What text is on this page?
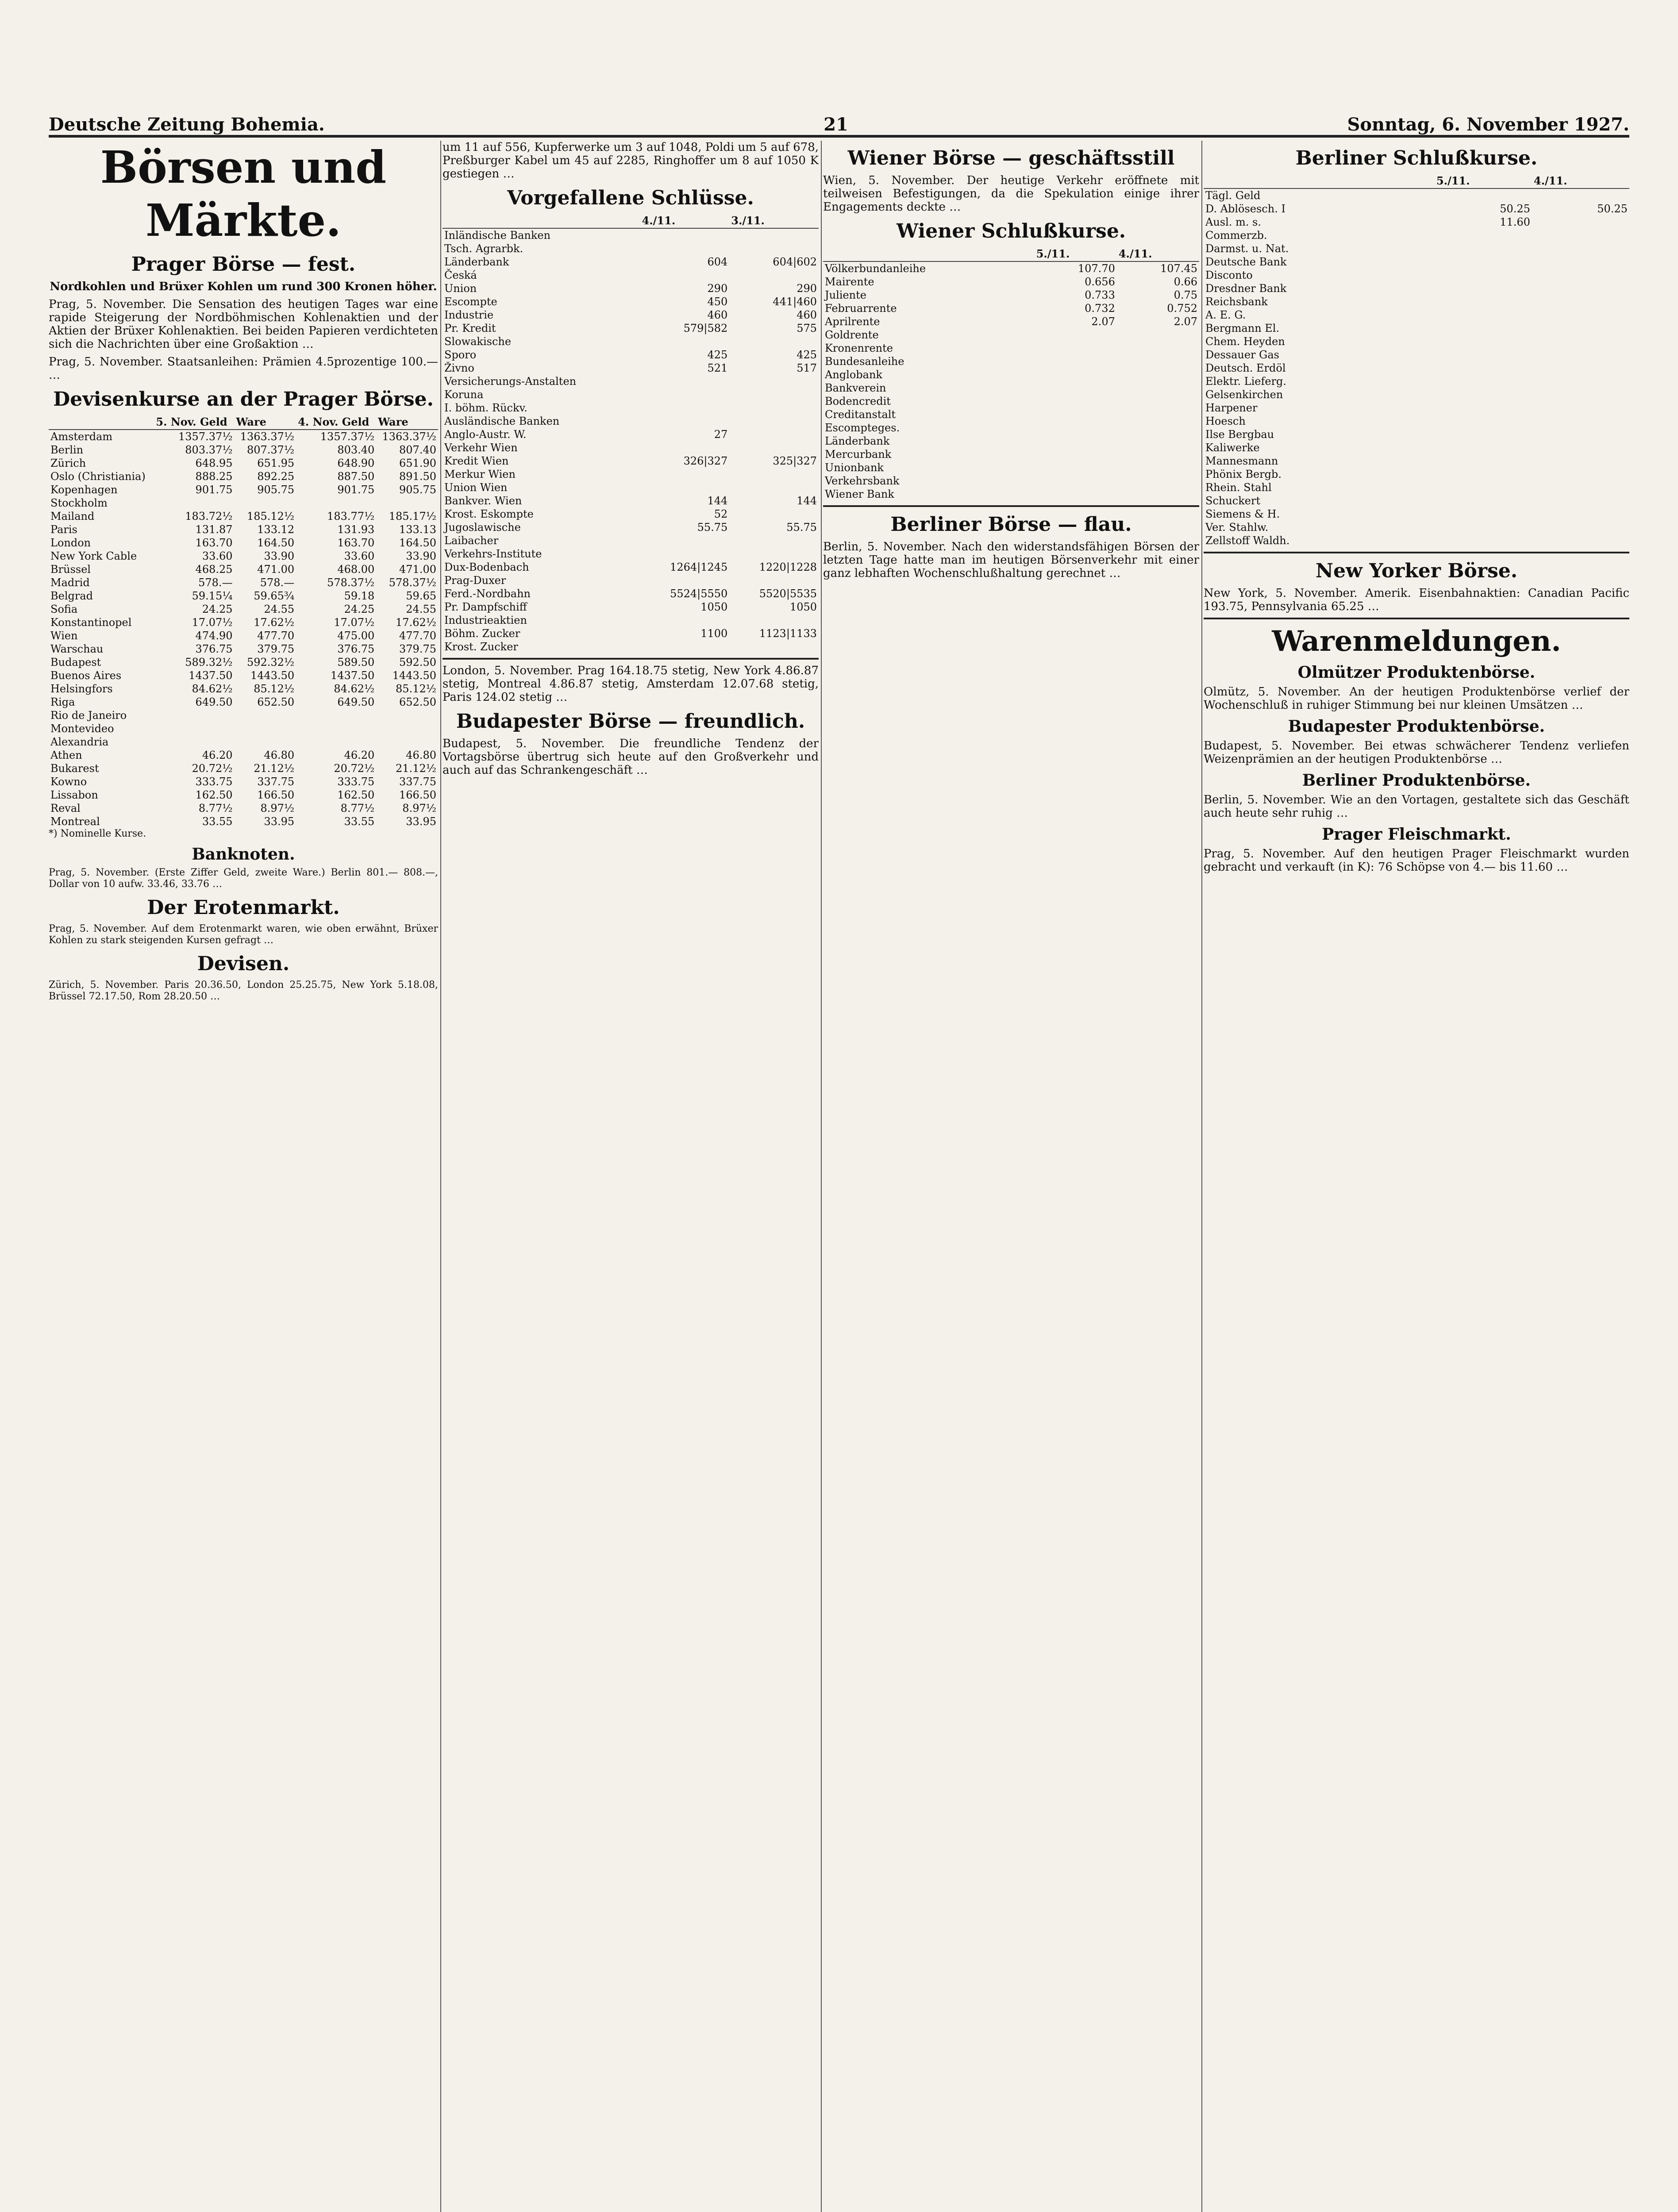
Deutsche Zeitung Bohemia.	21	Sonntag, 6. November 1927.
Börsen und Märkte.
Prager Börse — fest.

Nordkohlen und Brüxer Kohlen um rund 300 Kronen höher.

Prag, 5. November. Die Sensation des heutigen Tages war eine rapide Steigerung der Nordböhmischen Kohlenaktien und der Aktien der Brüxer Kohlenaktien. Bei beiden Papieren verdichteten sich die Nachrichten über eine Großaktion …

Prag, 5. November. Staatsanleihen: Prämien 4.5prozentige 100.— …

Devisenkurse an der Prager Börse.
	5. Nov. Geld	Ware	4. Nov. Geld	Ware
Amsterdam	1357.37½	1363.37½	1357.37½	1363.37½
Berlin	803.37½	807.37½	803.40	807.40
Zürich	648.95	651.95	648.90	651.90
Oslo (Christiania)	888.25	892.25	887.50	891.50
Kopenhagen	901.75	905.75	901.75	905.75
Stockholm				
Mailand	183.72½	185.12½	183.77½	185.17½
Paris	131.87	133.12	131.93	133.13
London	163.70	164.50	163.70	164.50
New York Cable	33.60	33.90	33.60	33.90
Brüssel	468.25	471.00	468.00	471.00
Madrid	578.—	578.—	578.37½	578.37½
Belgrad	59.15¼	59.65¾	59.18	59.65
Sofia	24.25	24.55	24.25	24.55
Konstantinopel	17.07½	17.62½	17.07½	17.62½
Wien	474.90	477.70	475.00	477.70
Warschau	376.75	379.75	376.75	379.75
Budapest	589.32½	592.32½	589.50	592.50
Buenos Aires	1437.50	1443.50	1437.50	1443.50
Helsingfors	84.62½	85.12½	84.62½	85.12½
Riga	649.50	652.50	649.50	652.50
Rio de Janeiro				
Montevideo				
Alexandria				
Athen	46.20	46.80	46.20	46.80
Bukarest	20.72½	21.12½	20.72½	21.12½
Kowno	333.75	337.75	333.75	337.75
Lissabon	162.50	166.50	162.50	166.50
Reval	8.77½	8.97½	8.77½	8.97½
Montreal	33.55	33.95	33.55	33.95

*) Nominelle Kurse.

Banknoten.

Prag, 5. November. (Erste Ziffer Geld, zweite Ware.) Berlin 801.— 808.—, Dollar von 10 aufw. 33.46, 33.76 …

Der Erotenmarkt.

Prag, 5. November. Auf dem Erotenmarkt waren, wie oben erwähnt, Brüxer Kohlen zu stark steigenden Kursen gefragt …

Devisen.

Zürich, 5. November. Paris 20.36.50, London 25.25.75, New York 5.18.08, Brüssel 72.17.50, Rom 28.20.50 …

um 11 auf 556, Kupferwerke um 3 auf 1048, Poldi um 5 auf 678, Preßburger Kabel um 45 auf 2285, Ringhoffer um 8 auf 1050 K gestiegen …

Vorgefallene Schlüsse.
	4./11.	3./11.
Inländische Banken		
Tsch. Agrarbk.		
Länderbank	604	604|602
Česká		
Union	290	290
Escompte	450	441|460
Industrie	460	460
Pr. Kredit	579|582	575
Slowakische		
Sporo	425	425
Živno	521	517
Versicherungs-Anstalten		
Koruna		
I. böhm. Rückv.		
Ausländische Banken		
Anglo-Austr. W.	27	
Verkehr Wien		
Kredit Wien	326|327	325|327
Merkur Wien		
Union Wien		
Bankver. Wien	144	144
Krost. Eskompte	52	
Jugoslawische	55.75	55.75
Laibacher		
Verkehrs-Institute		
Dux-Bodenbach	1264|1245	1220|1228
Prag-Duxer		
Ferd.-Nordbahn	5524|5550	5520|5535
Pr. Dampfschiff	1050	1050
Industrieaktien		
Böhm. Zucker	1100	1123|1133
Krost. Zucker		

London, 5. November. Prag 164.18.75 stetig, New York 4.86.87 stetig, Montreal 4.86.87 stetig, Amsterdam 12.07.68 stetig, Paris 124.02 stetig …

Budapester Börse — freundlich.

Budapest, 5. November. Die freundliche Tendenz der Vortagsbörse übertrug sich heute auf den Großverkehr und auch auf das Schrankengeschäft …

Wiener Börse — geschäftsstill

Wien, 5. November. Der heutige Verkehr eröffnete mit teilweisen Befestigungen, da die Spekulation einige ihrer Engagements deckte …

Wiener Schlußkurse.
	5./11.	4./11.
Völkerbundanleihe	107.70	107.45
Mairente	0.656	0.66
Juliente	0.733	0.75
Februarrente	0.732	0.752
Aprilrente	2.07	2.07
Goldrente		
Kronenrente		
Bundesanleihe		
Anglobank		
Bankverein		
Bodencredit		
Creditanstalt		
Escompteges.		
Länderbank		
Mercurbank		
Unionbank		
Verkehrsbank		
Wiener Bank		
Berliner Börse — flau.

Berlin, 5. November. Nach den widerstandsfähigen Börsen der letzten Tage hatte man im heutigen Börsenverkehr mit einer ganz lebhaften Wochenschlußhaltung gerechnet …

Berliner Schlußkurse.
	5./11.	4./11.
Tägl. Geld		
D. Ablösesch. I	50.25	50.25
Ausl. m. s.	11.60	
Commerzb.		
Darmst. u. Nat.		
Deutsche Bank		
Disconto		
Dresdner Bank		
Reichsbank		
A. E. G.		
Bergmann El.		
Chem. Heyden		
Dessauer Gas		
Deutsch. Erdöl		
Elektr. Lieferg.		
Gelsenkirchen		
Harpener		
Hoesch		
Ilse Bergbau		
Kaliwerke		
Mannesmann		
Phönix Bergb.		
Rhein. Stahl		
Schuckert		
Siemens & H.		
Ver. Stahlw.		
Zellstoff Waldh.		
New Yorker Börse.

New York, 5. November. Amerik. Eisenbahnaktien: Canadian Pacific 193.75, Pennsylvania 65.25 …

Warenmeldungen.
Olmützer Produktenbörse.

Olmütz, 5. November. An der heutigen Produktenbörse verlief der Wochenschluß in ruhiger Stimmung bei nur kleinen Umsätzen …

Budapester Produktenbörse.

Budapest, 5. November. Bei etwas schwächerer Tendenz verliefen Weizenprämien an der heutigen Produktenbörse …

Berliner Produktenbörse.

Berlin, 5. November. Wie an den Vortagen, gestaltete sich das Geschäft auch heute sehr ruhig …

Prager Fleischmarkt.

Prag, 5. November. Auf den heutigen Prager Fleischmarkt wurden gebracht und verkauft (in K): 76 Schöpse von 4.— bis 11.60 …
